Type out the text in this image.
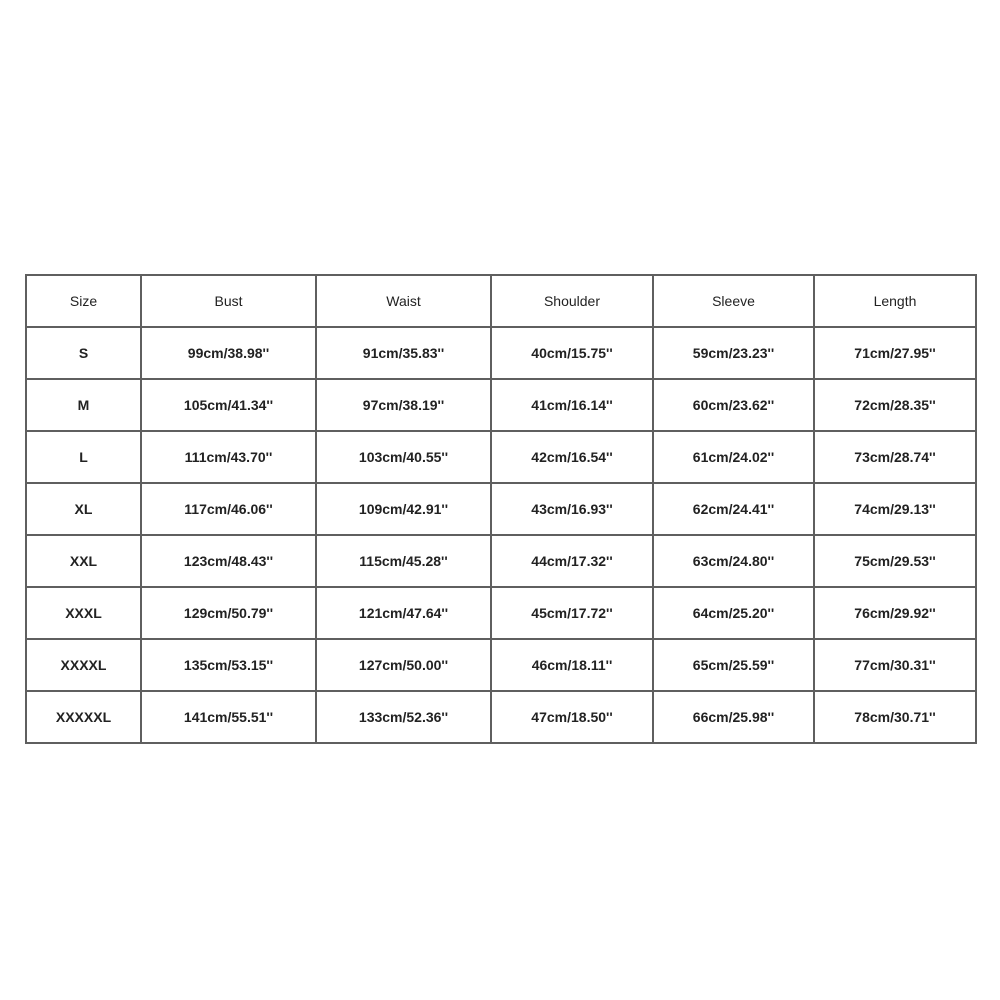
Size	Bust	Waist	Shoulder	Sleeve	Length
S	99cm/38.98''	91cm/35.83''	40cm/15.75''	59cm/23.23''	71cm/27.95''
M	105cm/41.34''	97cm/38.19''	41cm/16.14''	60cm/23.62''	72cm/28.35''
L	111cm/43.70''	103cm/40.55''	42cm/16.54''	61cm/24.02''	73cm/28.74''
XL	117cm/46.06''	109cm/42.91''	43cm/16.93''	62cm/24.41''	74cm/29.13''
XXL	123cm/48.43''	115cm/45.28''	44cm/17.32''	63cm/24.80''	75cm/29.53''
XXXL	129cm/50.79''	121cm/47.64''	45cm/17.72''	64cm/25.20''	76cm/29.92''
XXXXL	135cm/53.15''	127cm/50.00''	46cm/18.11''	65cm/25.59''	77cm/30.31''
XXXXXL	141cm/55.51''	133cm/52.36''	47cm/18.50''	66cm/25.98''	78cm/30.71''
